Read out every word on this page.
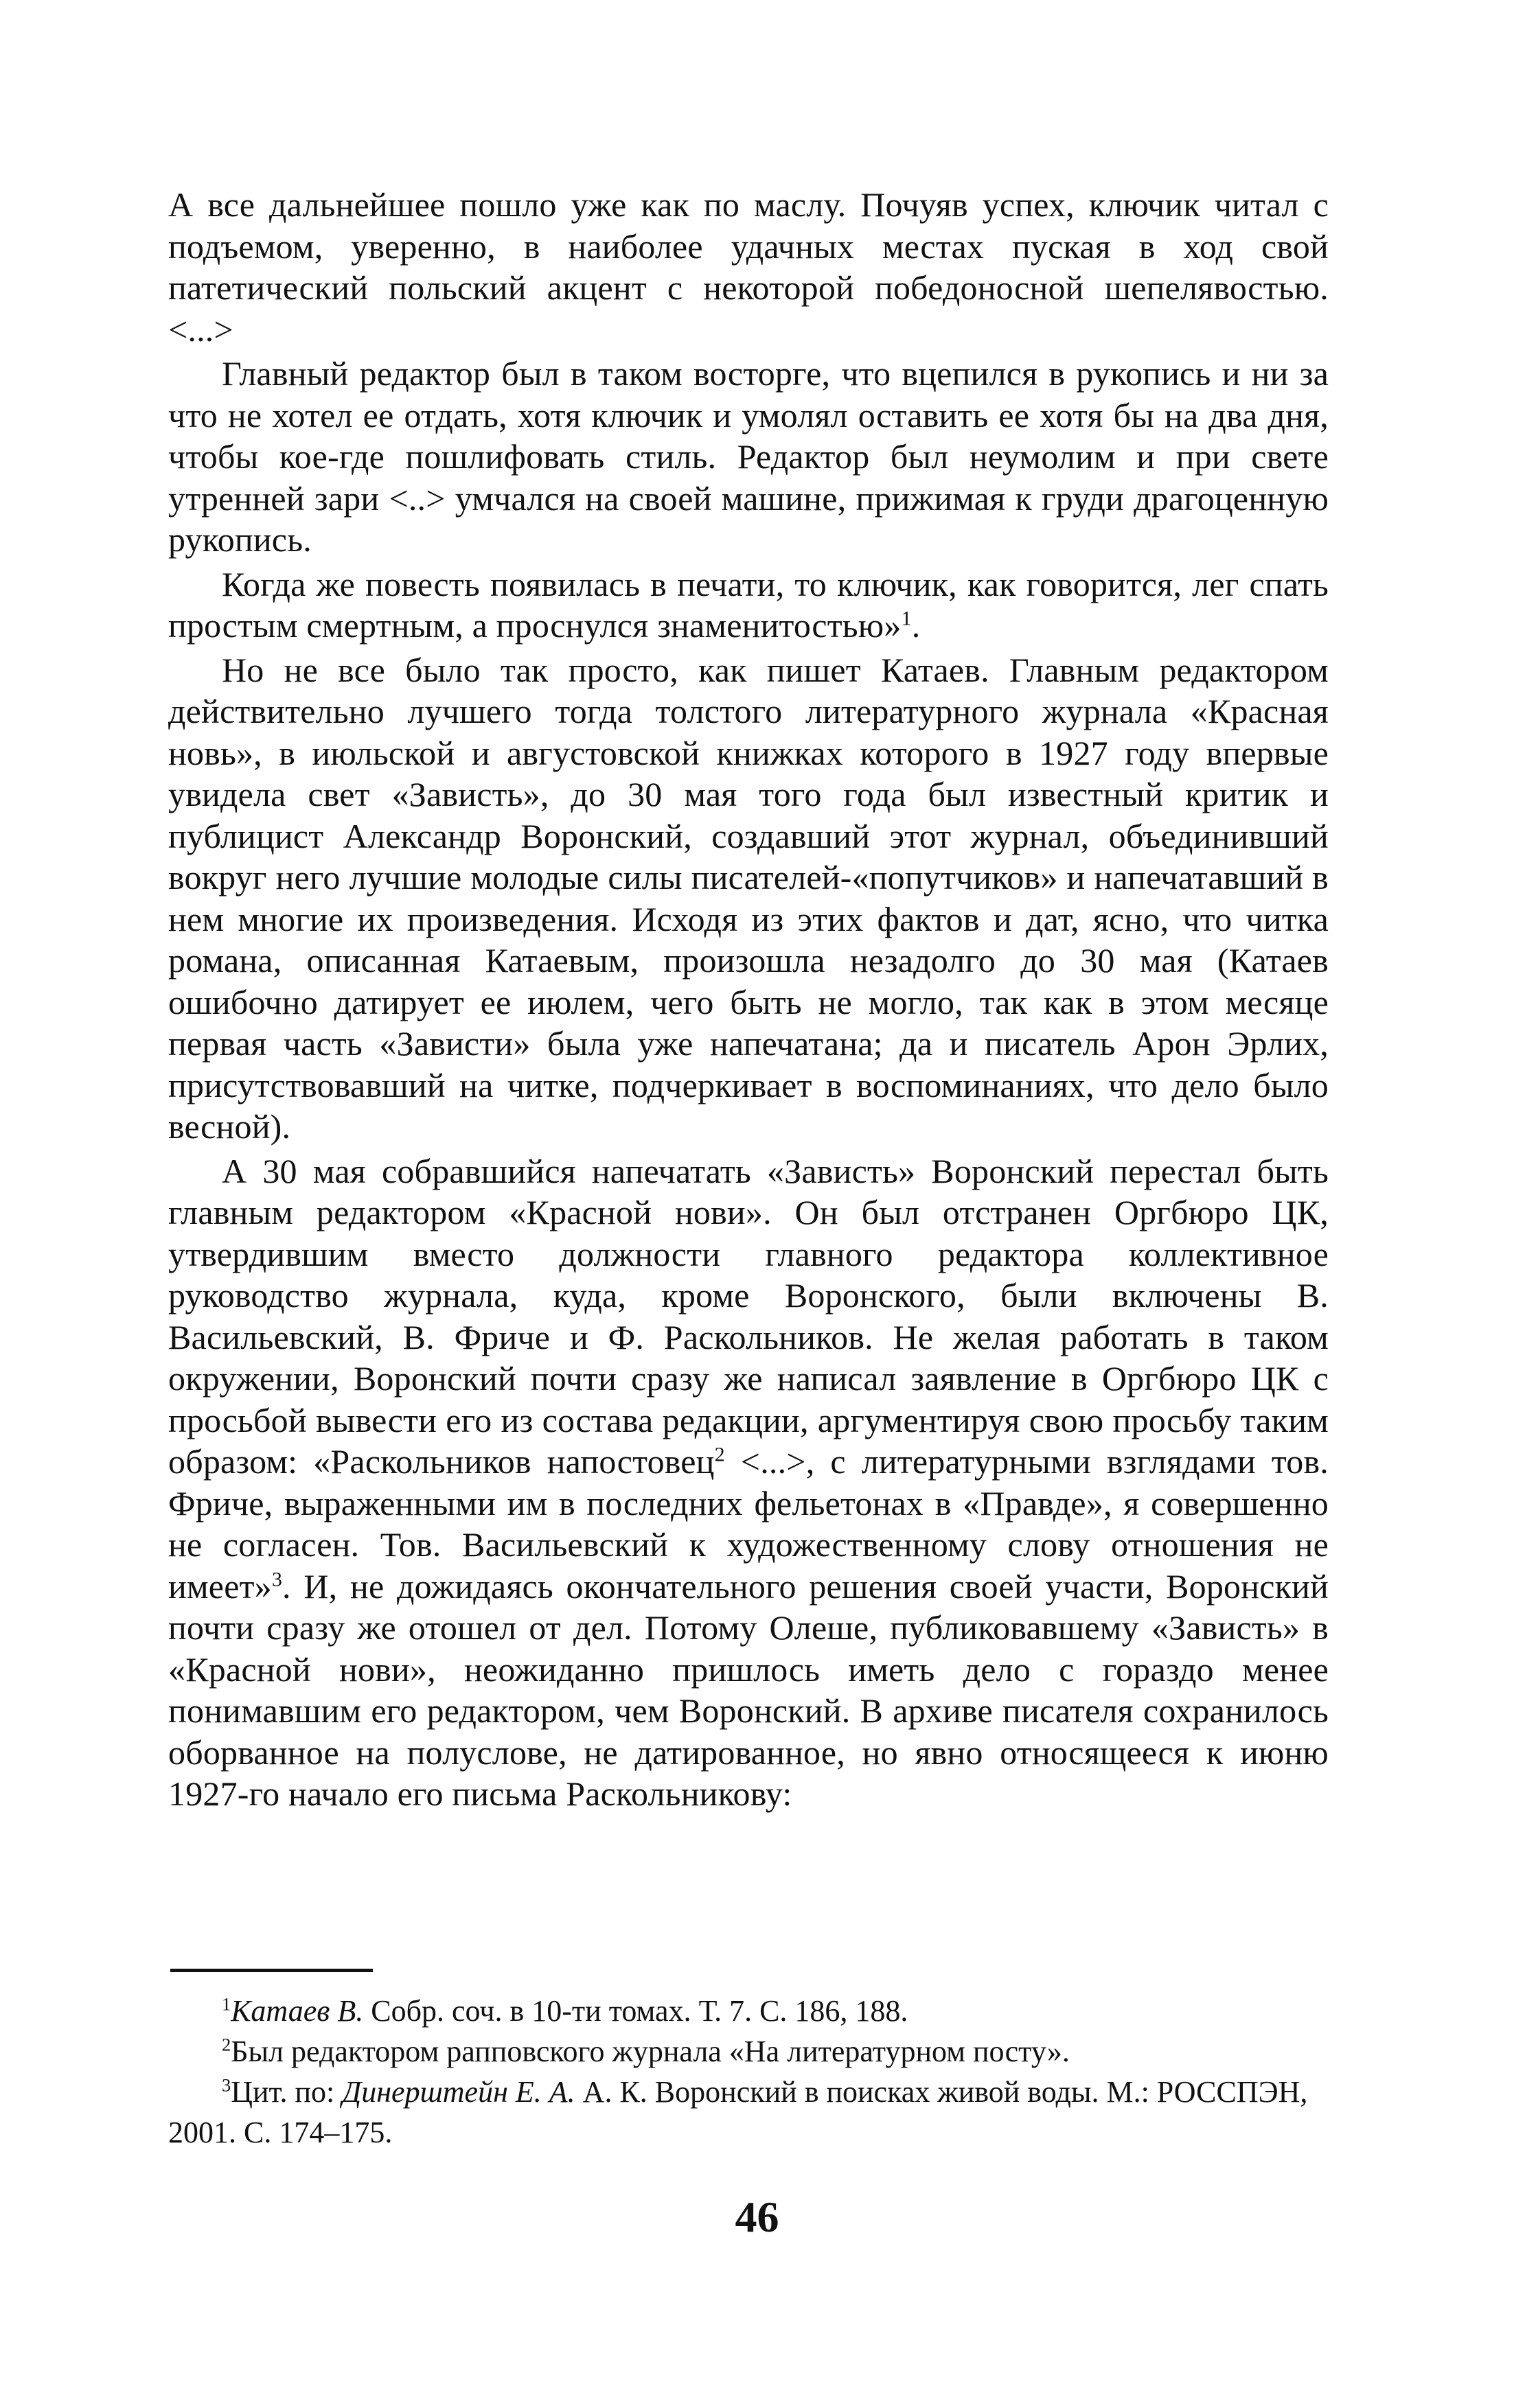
А все дальнейшее пошло уже как по маслу. Почуяв успех, ключик читал с подъемом, уверенно, в наиболее удачных местах пуская в ход свой патетический польский акцент с некоторой победоносной шепелявостью. <...>

Главный редактор был в таком восторге, что вцепился в рукопись и ни за что не хотел ее отдать, хотя ключик и умолял оставить ее хотя бы на два дня, чтобы кое-где пошлифовать стиль. Редактор был неумолим и при свете утренней зари <..> умчался на своей машине, прижимая к груди драгоценную рукопись.

Когда же повесть появилась в печати, то ключик, как говорится, лег спать простым смертным, а проснулся знаменитостью»$^1$.

Но не все было так просто, как пишет Катаев. Главным редактором действительно лучшего тогда толстого литературного журнала «Красная новь», в июльской и августовской книжках которого в 1927 году впервые увидела свет «Зависть», до 30 мая того года был известный критик и публицист Александр Воронский, создавший этот журнал, объединивший вокруг него лучшие молодые силы писателей-«попутчиков» и напечатавший в нем многие их произведения. Исходя из этих фактов и дат, ясно, что читка романа, описанная Катаевым, произошла незадолго до 30 мая (Катаев ошибочно датирует ее июлем, чего быть не могло, так как в этом месяце первая часть «Зависти» была уже напечатана; да и писатель Арон Эрлих, присутствовавший на читке, подчеркивает в воспоминаниях, что дело было весной).

А 30 мая собравшийся напечатать «Зависть» Воронский перестал быть главным редактором «Красной нови». Он был отстранен Оргбюро ЦК, утвердившим вместо должности главного редактора коллективное руководство журнала, куда, кроме Воронского, были включены В. Васильевский, В. Фриче и Ф. Раскольников. Не желая работать в таком окружении, Воронский почти сразу же написал заявление в Оргбюро ЦК с просьбой вывести его из состава редакции, аргументируя свою просьбу таким образом: «Раскольников напостовец$^2$ <...>, с литературными взглядами тов. Фриче, выраженными им в последних фельетонах в «Правде», я совершенно не согласен. Тов. Васильевский к художественному слову отношения не имеет»$^3$. И, не дожидаясь окончательного решения своей участи, Воронский почти сразу же отошел от дел. Потому Олеше, публиковавшему «Зависть» в «Красной нови», неожиданно пришлось иметь дело с гораздо менее понимавшим его редактором, чем Воронский. В архиве писателя сохранилось оборванное на полуслове, не датированное, но явно относящееся к июню 1927-го начало его письма Раскольникову:

$^1$Катаев В. Собр. соч. в 10-ти томах. Т. 7. С. 186, 188.

$^2$Был редактором рапповского журнала «На литературном посту».

$^3$Цит. по: Динерштейн Е. А. А. К. Воронский в поисках живой воды. М.: РОССПЭН, 2001. С. 174–175.

46
